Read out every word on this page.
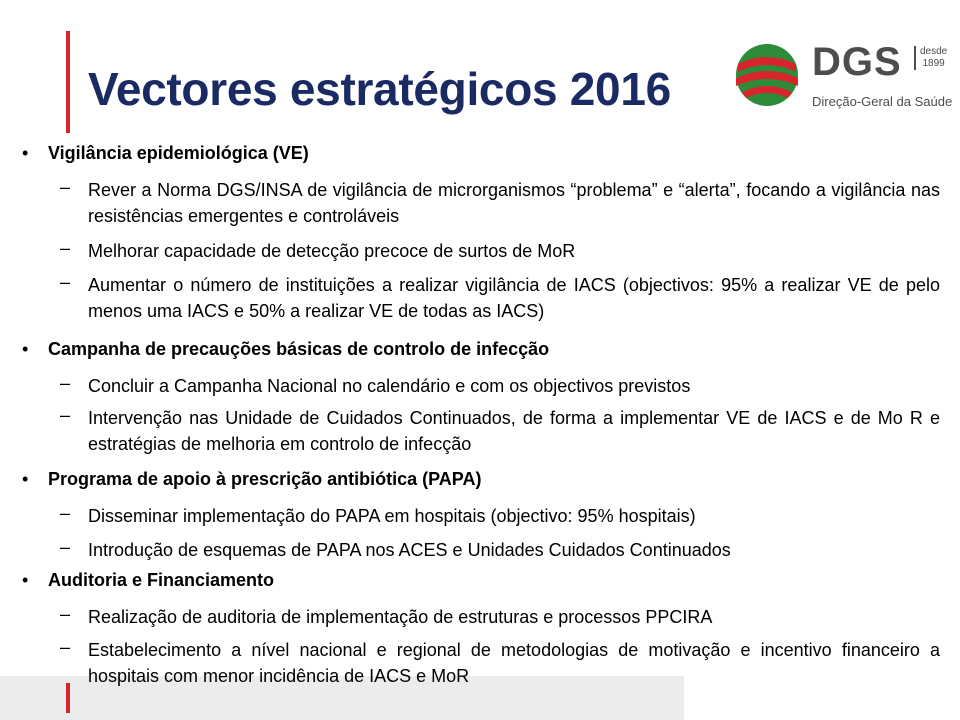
Vectores estratégicos 2016
DGS desde
1899
Direção-Geral da Saúde
• Vigilância epidemiológica (VE)
– Rever a Norma DGS/INSA de vigilância de microrganismos “problema” e “alerta”, focando a vigilância nas resistências emergentes e controláveis
– Melhorar capacidade de detecção precoce de surtos de MoR
– Aumentar o número de instituições a realizar vigilância de IACS (objectivos: 95% a realizar VE de pelo menos uma IACS e 50% a realizar VE de todas as IACS)
• Campanha de precauções básicas de controlo de infecção
– Concluir a Campanha Nacional no calendário e com os objectivos previstos
– Intervenção nas Unidade de Cuidados Continuados, de forma a implementar VE de IACS e de Mo R e estratégias de melhoria em controlo de infecção
• Programa de apoio à prescrição antibiótica (PAPA)
– Disseminar implementação do PAPA em hospitais (objectivo: 95% hospitais)
– Introdução de esquemas de PAPA nos ACES e Unidades Cuidados Continuados
• Auditoria e Financiamento
– Realização de auditoria de implementação de estruturas e processos PPCIRA
– Estabelecimento a nível nacional e regional de metodologias de motivação e incentivo financeiro a hospitais com menor incidência de IACS e MoR
